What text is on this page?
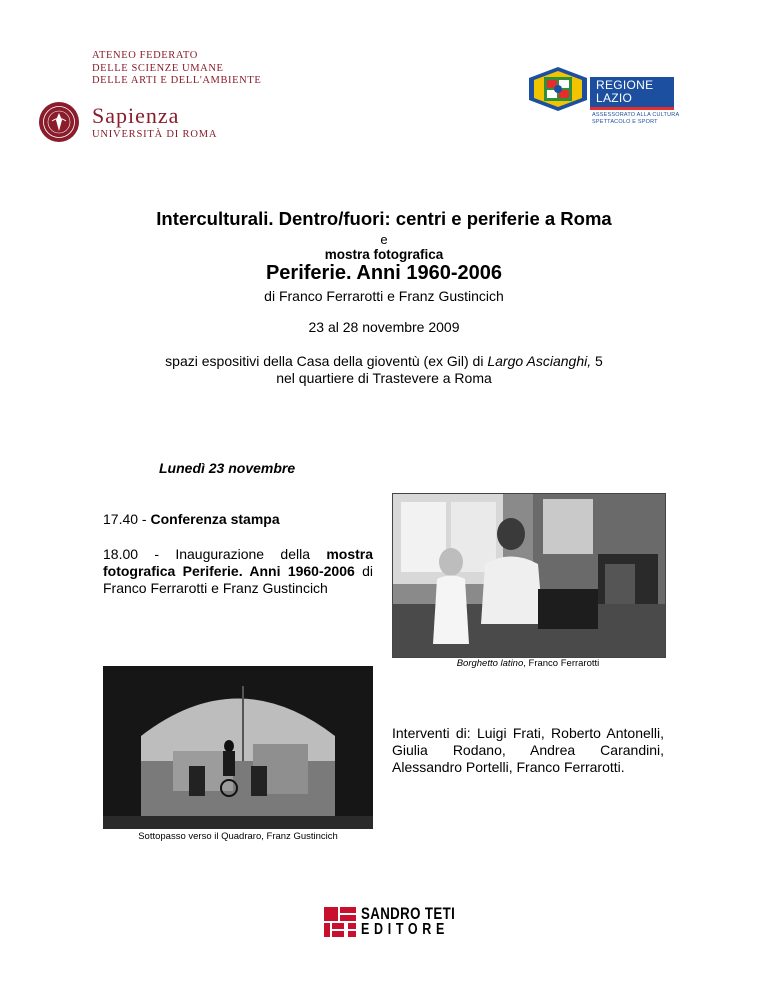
ATENEO FEDERATO
DELLE SCIENZE UMANE
DELLE ARTI E DELL'AMBIENTE
Sapienza
UNIVERSITÀ DI ROMA
REGIONE
LAZIO
ASSESSORATO ALLA CULTURA
SPETTACOLO E SPORT
Interculturali. Dentro/fuori: centri e periferie a Roma
e
mostra fotografica
Periferie. Anni 1960-2006
di Franco Ferrarotti e Franz Gustincich
23 al 28 novembre 2009
spazi espositivi della Casa della gioventù (ex Gil) di Largo Ascianghi, 5
nel quartiere di Trastevere a Roma
Lunedì 23 novembre
17.40 - Conferenza stampa
18.00 - Inaugurazione della mostra fotografica Periferie. Anni 1960-2006 di Franco Ferrarotti e Franz Gustincich
Borghetto latino, Franco Ferrarotti
Sottopasso verso il Quadraro, Franz Gustincich
Interventi di: Luigi Frati, Roberto Antonelli, Giulia Rodano, Andrea Carandini, Alessandro Portelli, Franco Ferrarotti.
SANDRO TETI
EDITORE
